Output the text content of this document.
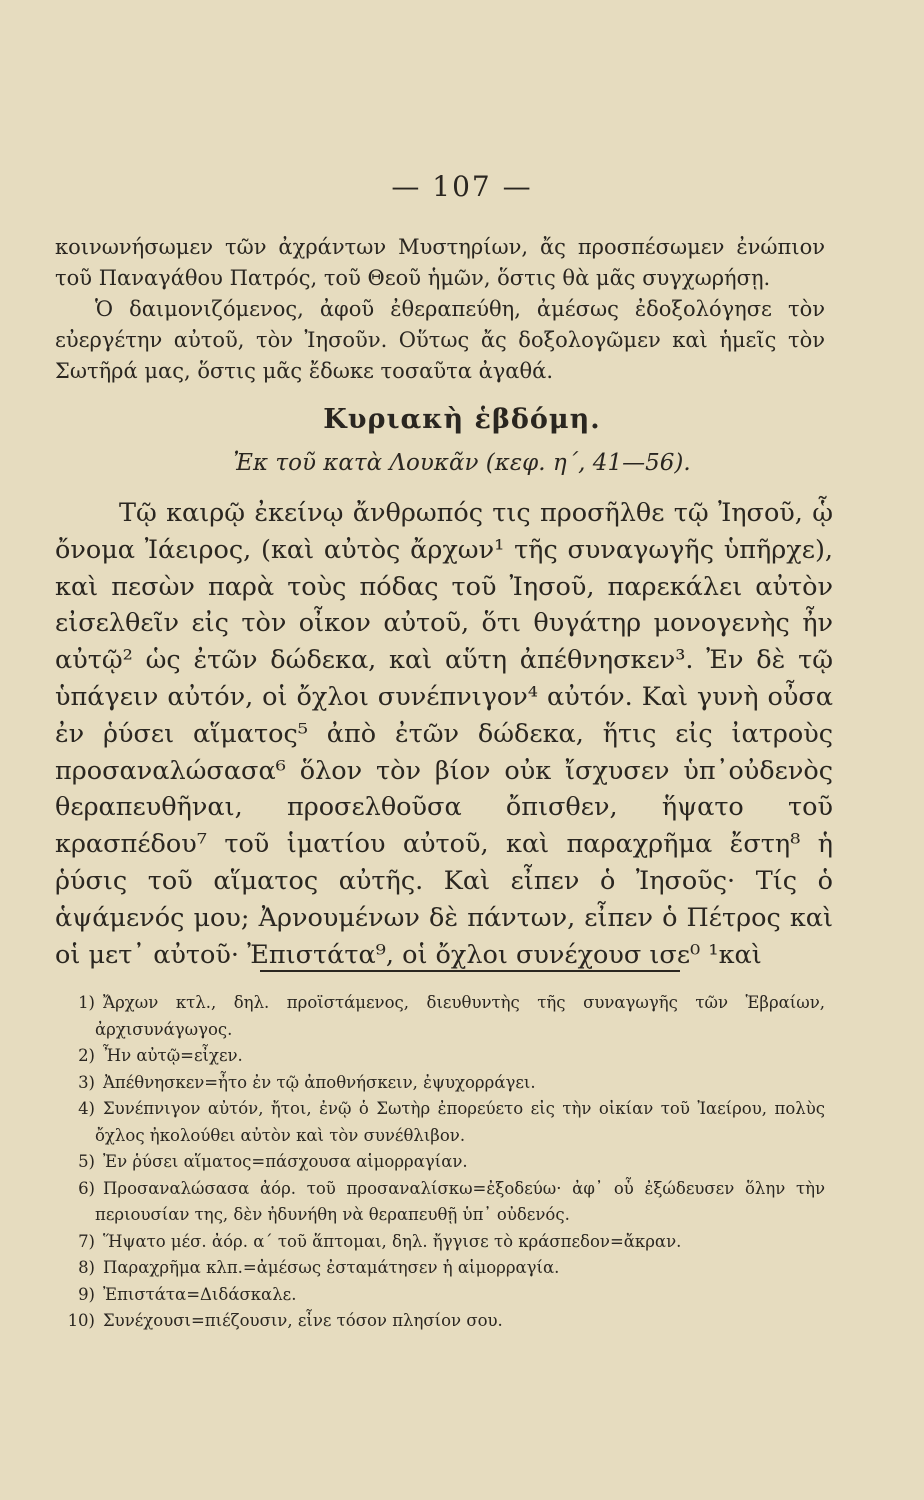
— 107 —

κοινωνήσωμεν τῶν ἀχράντων Μυστηρίων, ἄς προσπέσωμεν ἐνώπιον τοῦ Παναγάθου Πατρός, τοῦ Θεοῦ ἡμῶν, ὅστις θὰ μᾶς συγχωρήσῃ.

Ὁ δαιμονιζόμενος, ἀφοῦ ἐθεραπεύθη, ἀμέσως ἐδοξολόγησε τὸν εὐεργέτην αὐτοῦ, τὸν Ἰησοῦν. Οὕτως ἄς δοξολογῶμεν καὶ ἡμεῖς τὸν Σωτῆρά μας, ὅστις μᾶς ἔδωκε τοσαῦτα ἀγαθά.

Κυριακὴ ἑβδόμη.
Ἐκ τοῦ κατὰ Λουκᾶν (κεφ. η΄, 41—56).

Τῷ καιρῷ ἐκείνῳ ἄνθρωπός τις προσῆλθε τῷ Ἰησοῦ, ᾧ ὄνομα Ἰάειρος, (καὶ αὐτὸς ἄρχων¹ τῆς συναγωγῆς ὑπῆρχε), καὶ πεσὼν παρὰ τοὺς πόδας τοῦ Ἰησοῦ, παρεκάλει αὐτὸν εἰσελθεῖν εἰς τὸν οἶκον αὐτοῦ, ὅτι θυγάτηρ μονογενὴς ἦν αὐτῷ² ὡς ἐτῶν δώδεκα, καὶ αὕτη ἀπέθνησκεν³. Ἐν δὲ τῷ ὑπάγειν αὐτόν, οἱ ὄχλοι συνέπνιγον⁴ αὐτόν. Καὶ γυνὴ οὖσα ἐν ῥύσει αἵματος⁵ ἀπὸ ἐτῶν δώδεκα, ἥτις εἰς ἰατροὺς προσαναλώσασα⁶ ὅλον τὸν βίον οὐκ ἴσχυσεν ὑπ᾽οὐδενὸς θεραπευθῆναι, προσελθοῦσα ὄπισθεν, ἥψατο τοῦ κρασπέδου⁷ τοῦ ἱματίου αὐτοῦ, καὶ παραχρῆμα ἔστη⁸ ἡ ῥύσις τοῦ αἵματος αὐτῆς. Καὶ εἶπεν ὁ Ἰησοῦς· Τίς ὁ ἁψάμενός μου; Ἀρνουμένων δὲ πάντων, εἶπεν ὁ Πέτρος καὶ οἱ μετ᾽ αὐτοῦ· Ἐπιστάτα⁹, οἱ ὄχλοι συνέχουσ ισε⁰ ¹καὶ

1) Ἄρχων κτλ., δηλ. προϊστάμενος, διευθυντὴς τῆς συναγωγῆς τῶν Ἑβραίων, ἀρχισυνάγωγος.

2) Ἦν αὐτῷ=εἶχεν.

3) Ἀπέθνησκεν=ἦτο ἐν τῷ ἀποθνήσκειν, ἐψυχορράγει.

4) Συνέπνιγον αὐτόν, ἤτοι, ἐνῷ ὁ Σωτὴρ ἐπορεύετο εἰς τὴν οἰκίαν τοῦ Ἰαείρου, πολὺς ὄχλος ἠκολούθει αὐτὸν καὶ τὸν συνέθλιβον.

5) Ἐν ῥύσει αἵματος=πάσχουσα αἱμορραγίαν.

6) Προσαναλώσασα ἀόρ. τοῦ προσαναλίσκω=ἐξοδεύω· ἀφ᾽ οὗ ἐξώδευσεν ὅλην τὴν περιουσίαν της, δὲν ἠδυνήθη νὰ θεραπευθῇ ὑπ᾽ οὐδενός.

7) Ἥψατο μέσ. ἀόρ. α΄ τοῦ ἅπτομαι, δηλ. ἤγγισε τὸ κράσπεδον=ἄκραν.

8) Παραχρῆμα κλπ.=ἀμέσως ἐσταμάτησεν ἡ αἱμορραγία.

9) Ἐπιστάτα=Διδάσκαλε.

10) Συνέχουσι=πιέζουσιν, εἶνε τόσον πλησίον σου.
